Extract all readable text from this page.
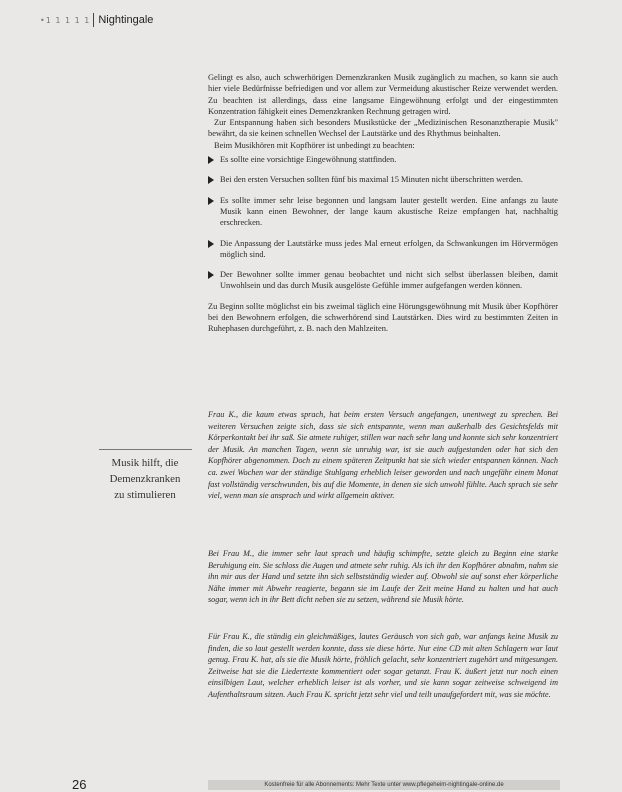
•1 1 1 1 1 Nightingale

Gelingt es also, auch schwerhörigen Demenzkranken Musik zugänglich zu machen, so kann sie auch hier viele Bedürfnisse befriedigen und vor allem zur Vermeidung akustischer Reize verwendet werden. Zu beachten ist allerdings, dass eine langsame Eingewöhnung erfolgt und der eingestimmten Konzentration fähigkeit eines Demenzkranken Rechnung getragen wird.

Zur Entspannung haben sich besonders Musikstücke der „Medizinischen Resonanztherapie Musik" bewährt, da sie keinen schnellen Wechsel der Lautstärke und des Rhythmus beinhalten.

Beim Musikhören mit Kopfhörer ist unbedingt zu beachten:

Es sollte eine vorsichtige Eingewöhnung stattfinden.
Bei den ersten Versuchen sollten fünf bis maximal 15 Minuten nicht überschritten werden.
Es sollte immer sehr leise begonnen und langsam lauter gestellt werden. Eine anfangs zu laute Musik kann einen Bewohner, der lange kaum akustische Reize empfangen hat, nachhaltig erschrecken.
Die Anpassung der Lautstärke muss jedes Mal erneut erfolgen, da Schwankungen im Hörvermögen möglich sind.
Der Bewohner sollte immer genau beobachtet und nicht sich selbst überlassen bleiben, damit Unwohlsein und das durch Musik ausgelöste Gefühle immer aufgefangen werden können.

Zu Beginn sollte möglichst ein bis zweimal täglich eine Hörungsgewöhnung mit Musik über Kopfhörer bei den Bewohnern erfolgen, die schwerhörend sind Lautstärken. Dies wird zu bestimmten Zeiten in Ruhephasen durchgeführt, z. B. nach den Mahlzeiten.

Musik hilft, die
Demenzkranken
zu stimulieren

Frau K., die kaum etwas sprach, hat beim ersten Versuch angefangen, unentwegt zu sprechen. Bei weiteren Versuchen zeigte sich, dass sie sich entspannte, wenn man außerhalb des Gesichtsfelds mit Körperkontakt bei ihr saß. Sie atmete ruhiger, stillen war nach sehr lang und konnte sich sehr konzentriert der Musik. An manchen Tagen, wenn sie unruhig war, ist sie auch aufgestanden oder hat sich den Kopfhörer abgenommen. Doch zu einem späteren Zeitpunkt hat sie sich wieder entspannen können. Nach ca. zwei Wochen war der ständige Stuhlgang erheblich leiser geworden und nach ungefähr einem Monat fast vollständig verschwunden, bis auf die Momente, in denen sie sich unwohl fühlte. Auch sprach sie sehr viel, wenn man sie ansprach und wirkt allgemein aktiver.

Bei Frau M., die immer sehr laut sprach und häufig schimpfte, setzte gleich zu Beginn eine starke Beruhigung ein. Sie schloss die Augen und atmete sehr ruhig. Als ich ihr den Kopfhörer abnahm, nahm sie ihn mir aus der Hand und setzte ihn sich selbstständig wieder auf. Obwohl sie auf sonst eher körperliche Nähe immer mit Abwehr reagierte, begann sie im Laufe der Zeit meine Hand zu halten und hat auch sogar, wenn ich in ihr Bett dicht neben sie zu setzen, während sie Musik hörte.

Für Frau K., die ständig ein gleichmäßiges, lautes Geräusch von sich gab, war anfangs keine Musik zu finden, die so laut gestellt werden konnte, dass sie diese hörte. Nur eine CD mit alten Schlagern war laut genug. Frau K. hat, als sie die Musik hörte, fröhlich gelacht, sehr konzentriert zugehört und mitgesungen. Zeitweise hat sie die Liedertexte kommentiert oder sogar getanzt. Frau K. äußert jetzt nur noch einen einsilbigen Laut, welcher erheblich leiser ist als vorher, und sie kann sogar zeitweise schweigend im Aufenthaltsraum sitzen. Auch Frau K. spricht jetzt sehr viel und teilt unaufgefordert mit, was sie möchte.

26	Kostenfreie für alle Abonnements: Mehr Texte unter www.pflegeheim-nightingale-online.de
